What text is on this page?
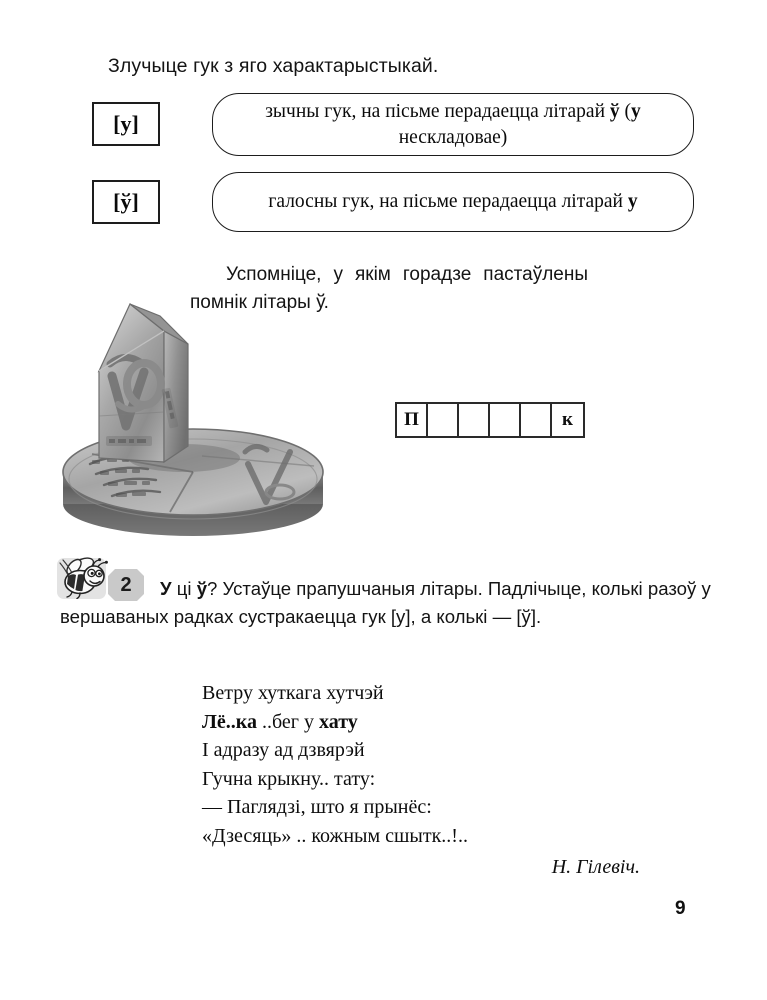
Злучыце гук з яго характарыстыкай.
[у]
[ў]
зычны гук, на пісьме перадаецца літарай ў (у нескладовае)
галосны гук, на пісьме перадаецца літарай у
Успомніце, у якім горадзе пастаўлены помнік літары ў.
П	к
2	У ці ў? Устаўце прапушчаныя літары. Падлічыце, колькі разоў у вершаваных радках сустракаецца гук [у], а колькі — [ў].
Ветру хуткага хутчэй
Лё..ка ..бег у хату
І адразу ад дзвярэй
Гучна крыкну.. тату:
— Паглядзі, што я прынёс:
«Дзесяць» .. кожным сшытк..!..
Н. Гілевіч.
9
